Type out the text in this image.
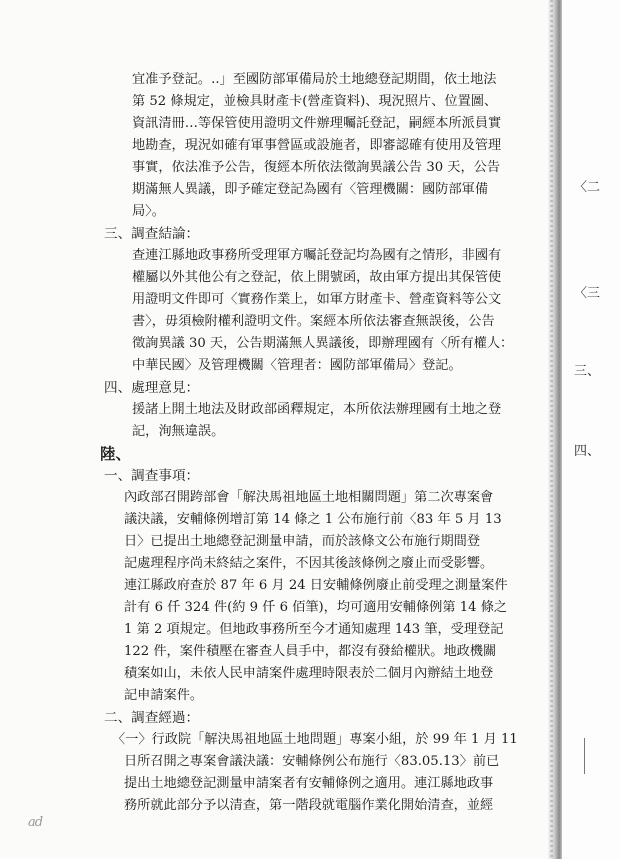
宜准予登記。..」至國防部軍備局於土地總登記期間，依土地法
第 52 條規定，並檢具財產卡(營產資料)、現況照片、位置圖、
資訊清冊…等保管使用證明文件辦理囑託登記，嗣經本所派員實
地勘查，現況如確有軍事營區或設施者，即審認確有使用及管理
事實，依法准予公告，復經本所依法徵詢異議公告 30 天，公告
期滿無人異議，即予確定登記為國有〈管理機關：國防部軍備
局〉。
三、調查結論：
查連江縣地政事務所受理軍方囑託登記均為國有之情形，非國有
權屬以外其他公有之登記，依上開號函，故由軍方提出其保管使
用證明文件即可〈實務作業上，如軍方財產卡、營產資料等公文
書〉，毋須檢附權利證明文件。案經本所依法審查無誤後，公告
徵詢異議 30 天，公告期滿無人異議後，即辦理國有〈所有權人：
中華民國〉及管理機關〈管理者：國防部軍備局〉登記。
四、處理意見：
援諸上開土地法及財政部函釋規定，本所依法辦理國有土地之登
記，洵無違誤。
陸、
一、調查事項：
內政部召開跨部會「解決馬祖地區土地相關問題」第二次專案會
議決議，安輔條例增訂第 14 條之 1 公布施行前〈83 年 5 月 13
日〉已提出土地總登記測量申請，而於該條文公布施行期間登
記處理程序尚未終結之案件，不因其後該條例之廢止而受影響。
連江縣政府查於 87 年 6 月 24 日安輔條例廢止前受理之測量案件
計有 6 仟 324 件(約 9 仟 6 佰筆)，均可適用安輔條例第 14 條之
1 第 2 項規定。但地政事務所至今才通知處理 143 筆，受理登記
122 件，案件積壓在審查人員手中，都沒有發給權狀。地政機關
積案如山，未依人民申請案件處理時限表於二個月內辦結土地登
記申請案件。
二、調查經過：
〈一〉行政院「解決馬祖地區土地問題」專案小組，於 99 年 1 月 11
日所召開之專案會議決議：安輔條例公布施行〈83.05.13〉前已
提出土地總登記測量申請案者有安輔條例之適用。連江縣地政事
務所就此部分予以清查，第一階段就電腦作業化開始清查，並經
ad
〈二
〈三
三、
四、
